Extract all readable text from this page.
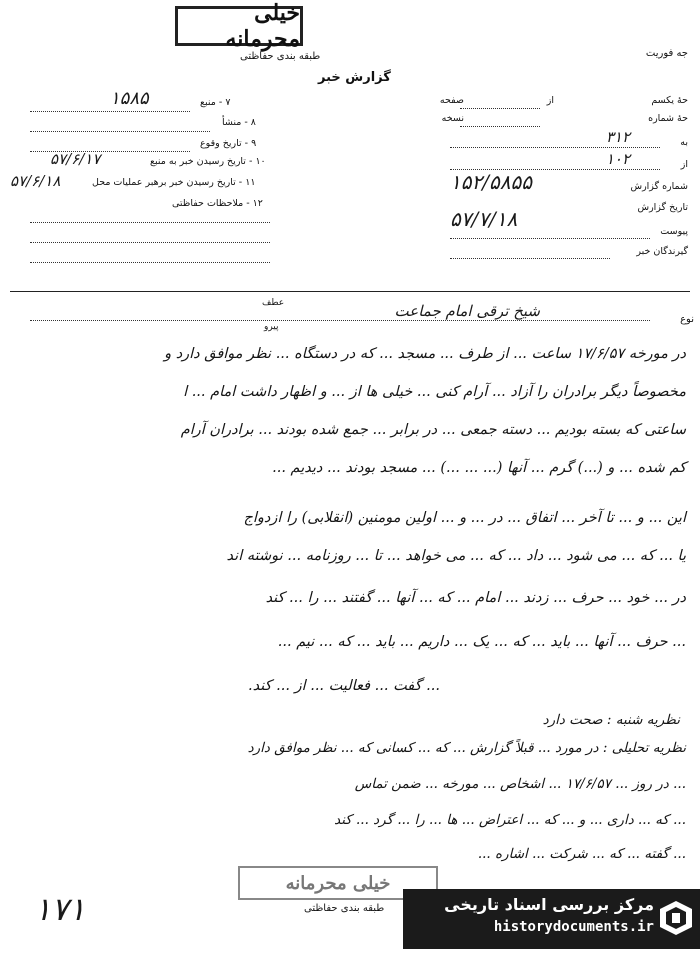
خیلی محرمانه
طبقه بندی حفاظتی
گزارش خبر
جه فوریت
حهٔ یکسم
از
صفحه
حهٔ شماره
نسخه
۷ - منبع
۱۵۸۵
۸ - منشأ
۹ - تاریخ وقوع
۱۰ - تاریخ رسیدن خبر به منبع
۵۷/۶/۱۷
۱۱ - تاریخ رسیدن خبر برهبر عملیات محل
۵۷/۶/۱۸
۱۲ - ملاحظات حفاظتی
به
۳۱۲
از
۱۰۲
شماره گزارش
۱۵۲/۵۸۵۵
تاریخ گزارش
۵۷/۷/۱۸
پیوست
گیرندگان خبر
نوع
شیخ ترقی امام جماعت
عطف
پیرو
در مورخه ۱۷/۶/۵۷ ساعت ... از طرف ... مسجد ... که در دستگاه ... نظر موافق دارد و
مخصوصاً دیگر برادران را آزاد ... آرام کنی ... خیلی ها از ... و اظهار داشت امام ... ا
ساعتی که بسته بودیم ... دسته جمعی ... در برابر ... جمع شده بودند ... برادران آرام
کم شده ... و (...) گرم ... آنها (... ... ...) ... مسجد بودند ... دیدیم ...
این ... و ... تا آخر ... اتفاق ... در ... و ... اولین مومنین (انقلابی) را ازدواج
یا ... که ... می شود ... داد ... که ... می خواهد ... تا ... روزنامه ... نوشته اند
در ... خود ... حرف ... زدند ... امام ... که ... آنها ... گفتند ... را ... کند
... حرف ... آنها ... باید ... که ... یک ... داریم ... باید ... که ... نیم ...
... گفت ... فعالیت ... از ... کند.
نظریه شنبه : صحت دارد
نظریه تحلیلی : در مورد ... قبلاً گزارش ... که ... کسانی که ... نظر موافق دارد
... در روز ... ۱۷/۶/۵۷ ... اشخاص ... مورخه ... ضمن تماس
... که ... داری ... و ... که ... اعتراض ... ها ... را ... گرد ... کند
... گفته ... که ... شرکت ... اشاره ...
خیلی محرمانه
طبقه بندی حفاظتی
۱۷۱	مرکز بررسی اسناد تاریخی
historydocuments.ir
